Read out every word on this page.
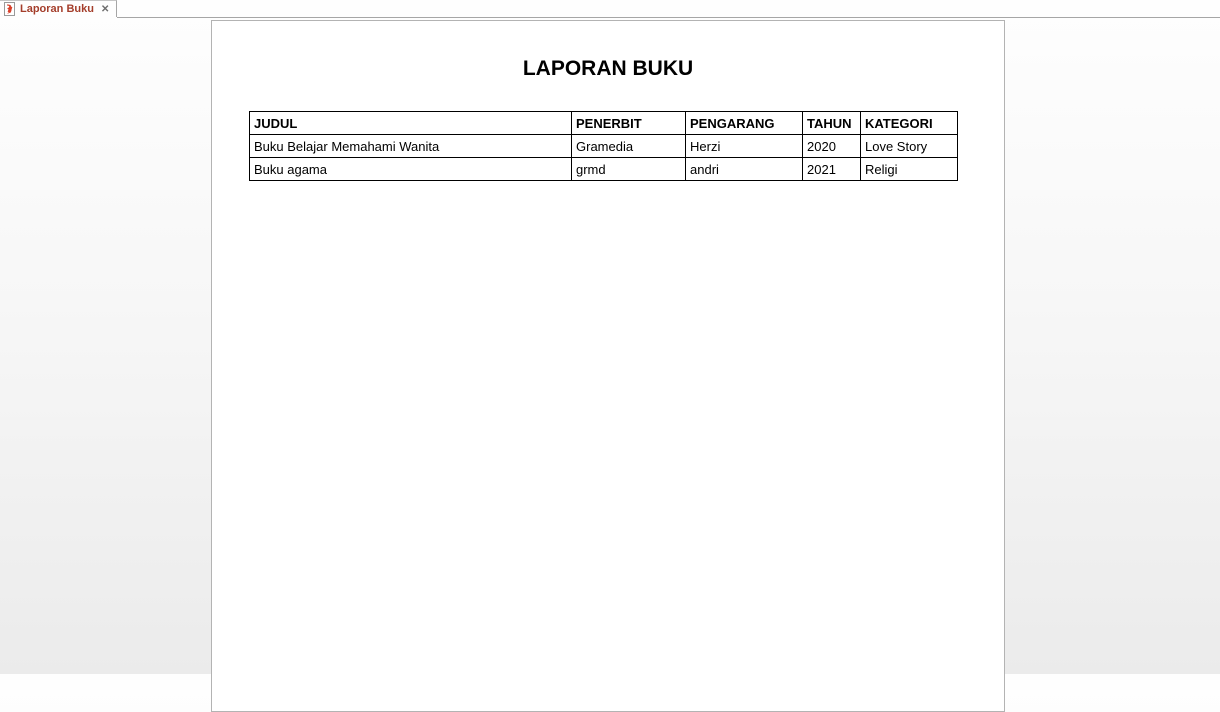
Laporan Buku ✕
LAPORAN BUKU
JUDUL	PENERBIT	PENGARANG	TAHUN	KATEGORI
Buku Belajar Memahami Wanita	Gramedia	Herzi	2020	Love Story
Buku agama	grmd	andri	2021	Religi
